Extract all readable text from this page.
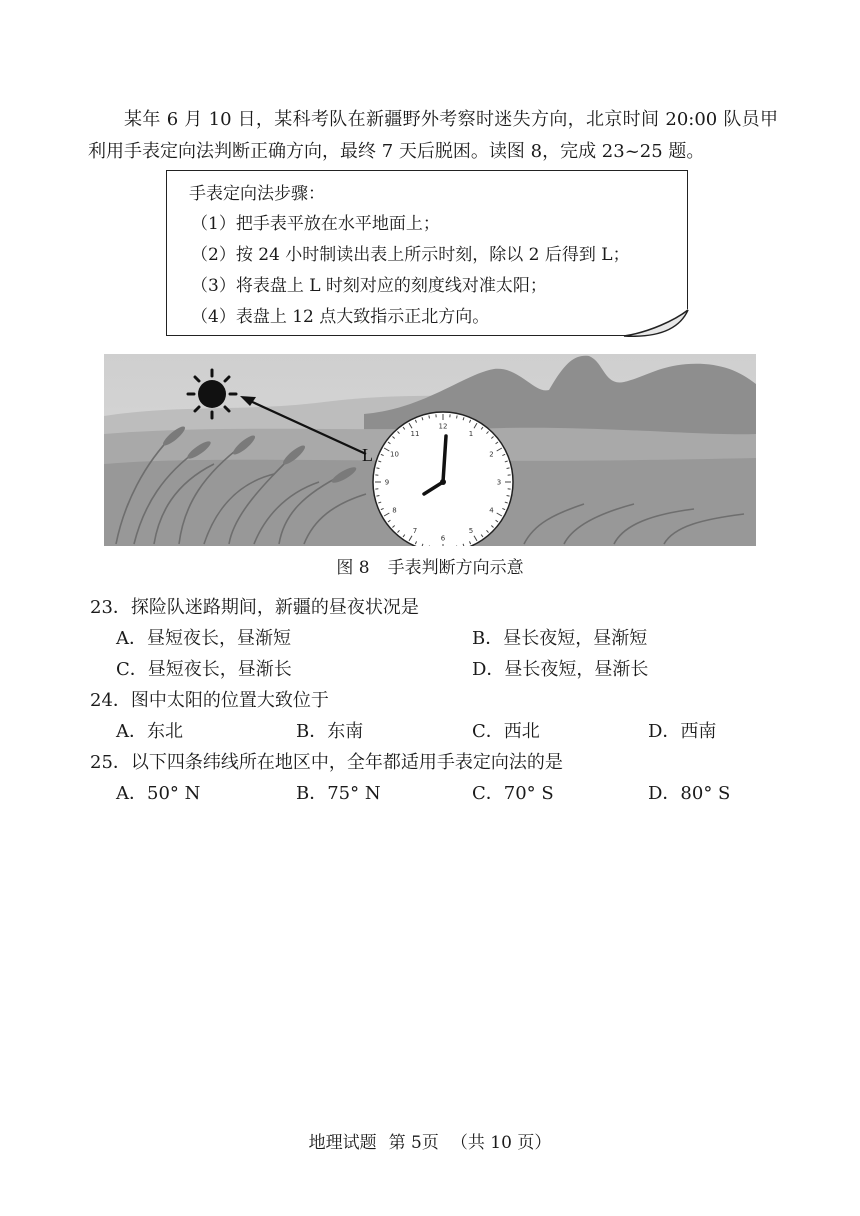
某年 6 月 10 日，某科考队在新疆野外考察时迷失方向，北京时间 20:00 队员甲利用手表定向法判断正确方向，最终 7 天后脱困。读图 8，完成 23~25 题。

手表定向法步骤：
（1）把手表平放在水平地面上；
（2）按 24 小时制读出表上所示时刻，除以 2 后得到 L；
（3）将表盘上 L 时刻对应的刻度线对准太阳；
（4）表盘上 12 点大致指示正北方向。
L
12
1
2
3
4
5
6
7
8
9
10
11
图 8 手表判断方向示意
23．探险队迷路期间，新疆的昼夜状况是
A．昼短夜长，昼渐短	B．昼长夜短，昼渐短
C．昼短夜长，昼渐长	D．昼长夜短，昼渐长
24．图中太阳的位置大致位于
A．东北	B．东南	C．西北	D．西南
25．以下四条纬线所在地区中，全年都适用手表定向法的是
A．50° N	B．75° N	C．70° S	D．80° S
地理试题 第 5页 （共 10 页）
